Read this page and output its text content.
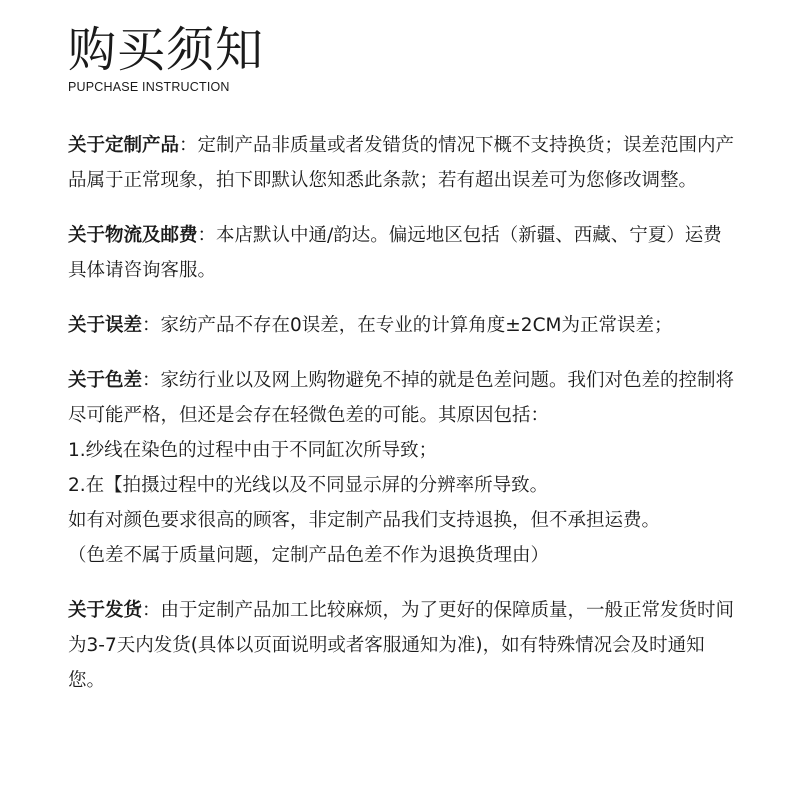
购买须知
PUPCHASE INSTRUCTION

关于定制产品：定制产品非质量或者发错货的情况下概不支持换货；误差范围内产品属于正常现象，拍下即默认您知悉此条款；若有超出误差可为您修改调整。

关于物流及邮费：本店默认中通/韵达。偏远地区包括（新疆、西藏、宁夏）运费具体请咨询客服。

关于误差：家纺产品不存在0误差，在专业的计算角度±2CM为正常误差；

关于色差：家纺行业以及网上购物避免不掉的就是色差问题。我们对色差的控制将尽可能严格，但还是会存在轻微色差的可能。其原因包括：

1.纱线在染色的过程中由于不同缸次所导致；

2.在【拍摄过程中的光线以及不同显示屏的分辨率所导致。

如有对颜色要求很高的顾客，非定制产品我们支持退换，但不承担运费。

（色差不属于质量问题，定制产品色差不作为退换货理由）

关于发货：由于定制产品加工比较麻烦，为了更好的保障质量，一般正常发货时间为3-7天内发货(具体以页面说明或者客服通知为准)，如有特殊情况会及时通知您。
